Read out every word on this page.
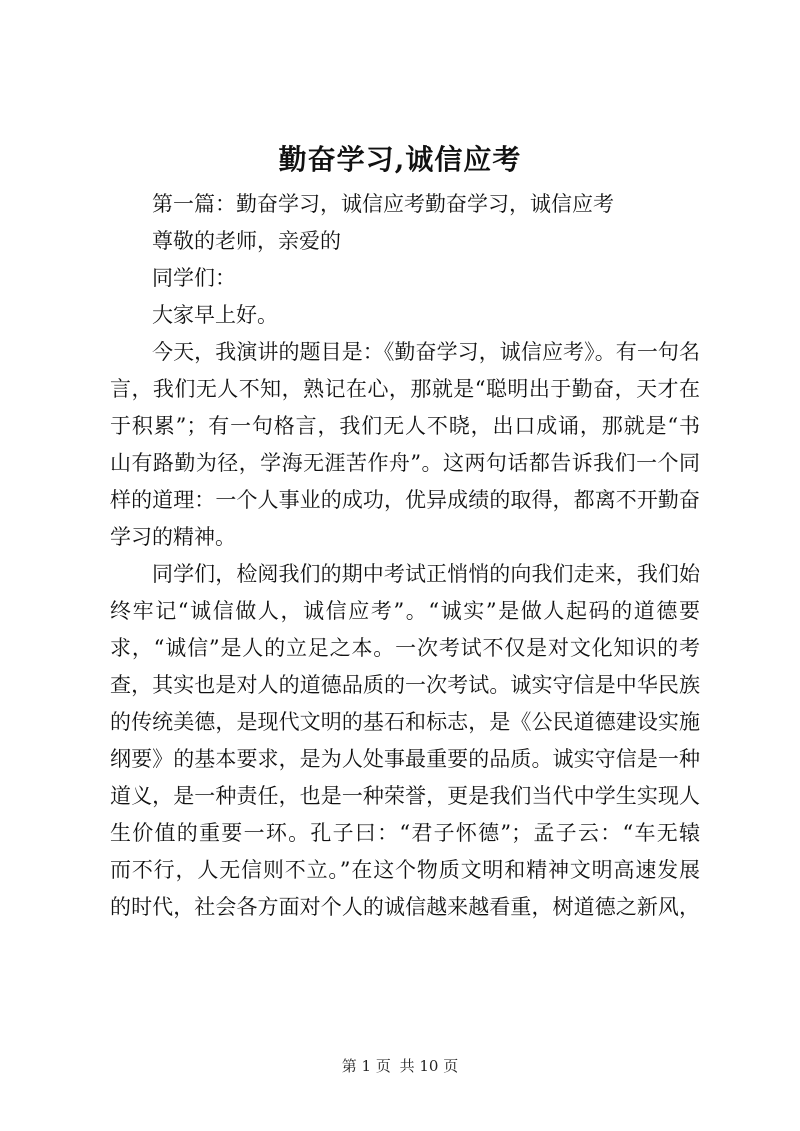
勤奋学习,诚信应考
第一篇：勤奋学习，诚信应考勤奋学习，诚信应考
尊敬的老师，亲爱的
同学们：
大家早上好。
今天，我演讲的题目是：《勤奋学习，诚信应考》。有一句名
言，我们无人不知，熟记在心，那就是“聪明出于勤奋，天才在
于积累”；有一句格言，我们无人不晓，出口成诵，那就是“书
山有路勤为径，学海无涯苦作舟”。这两句话都告诉我们一个同
样的道理：一个人事业的成功，优异成绩的取得，都离不开勤奋
学习的精神。
同学们，检阅我们的期中考试正悄悄的向我们走来，我们始
终牢记“诚信做人，诚信应考”。“诚实”是做人起码的道德要
求，“诚信”是人的立足之本。一次考试不仅是对文化知识的考
查，其实也是对人的道德品质的一次考试。诚实守信是中华民族
的传统美德，是现代文明的基石和标志，是《公民道德建设实施
纲要》的基本要求，是为人处事最重要的品质。诚实守信是一种
道义，是一种责任，也是一种荣誉，更是我们当代中学生实现人
生价值的重要一环。孔子曰：“君子怀德”；孟子云：“车无辕
而不行，人无信则不立。”在这个物质文明和精神文明高速发展
的时代，社会各方面对个人的诚信越来越看重，树道德之新风，
第 1 页 共 10 页
